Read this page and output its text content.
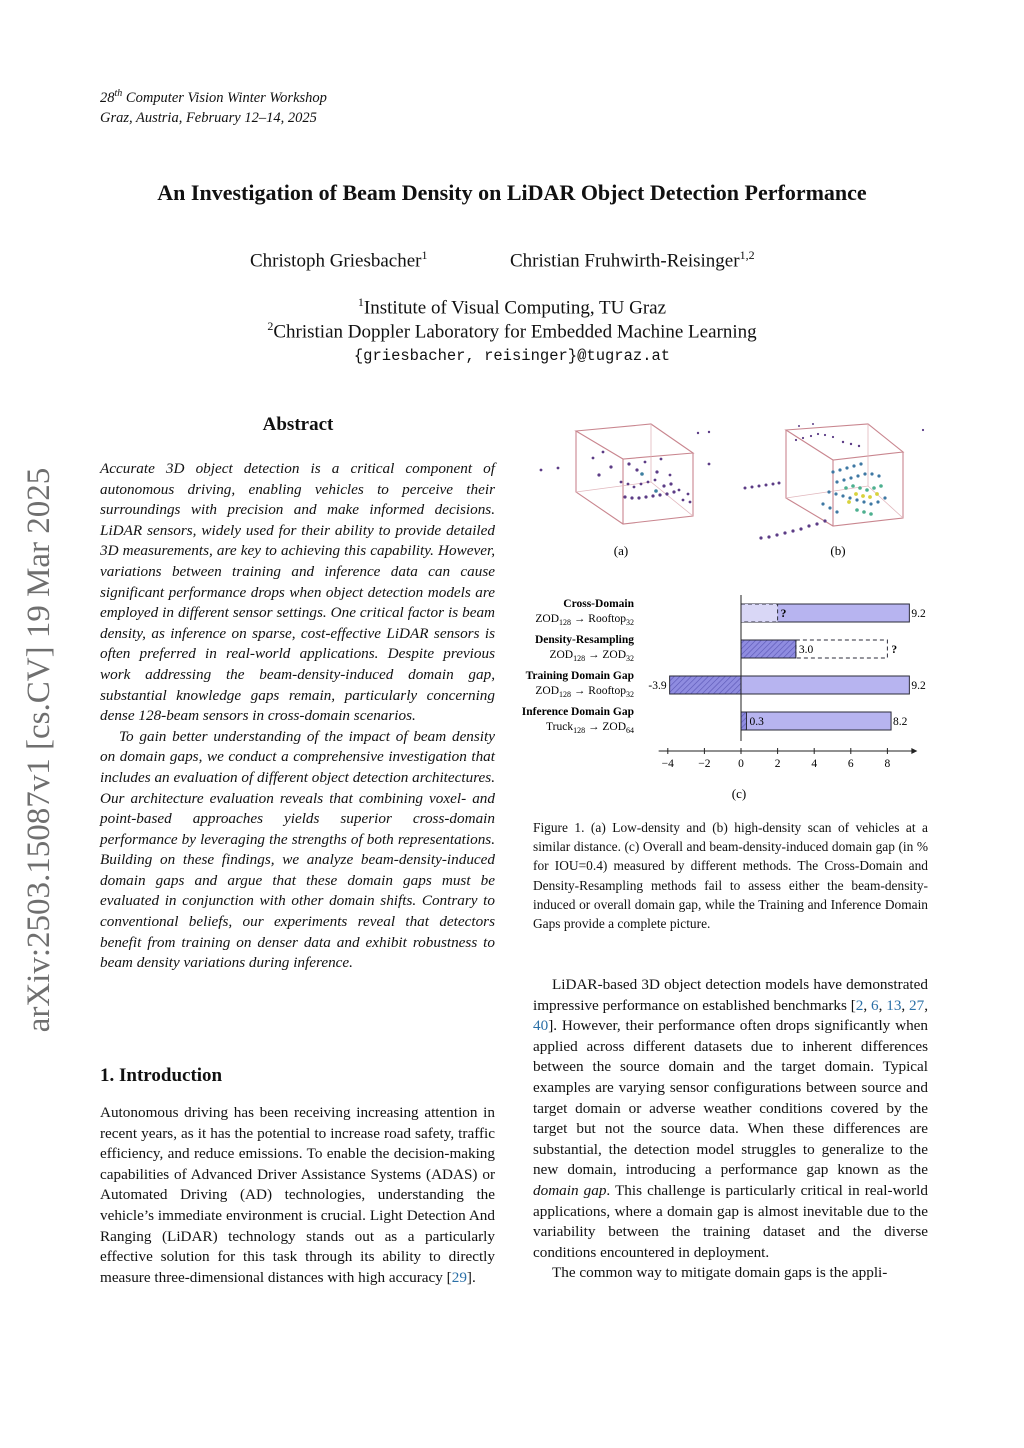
28th Computer Vision Winter Workshop
Graz, Austria, February 12–14, 2025
An Investigation of Beam Density on LiDAR Object Detection Performance
Christoph Griesbacher$^1$	Christian Fruhwirth-Reisinger$^{1,2}$
$^1$Institute of Visual Computing, TU Graz
$^2$Christian Doppler Laboratory for Embedded Machine Learning
{griesbacher, reisinger}@tugraz.at
arXiv:2503.15087v1 [cs.CV] 19 Mar 2025
Abstract

Accurate 3D object detection is a critical component of autonomous driving, enabling vehicles to perceive their surroundings with precision and make informed decisions. LiDAR sensors, widely used for their ability to provide detailed 3D measurements, are key to achieving this capability. However, variations between training and inference data can cause significant performance drops when object detection models are employed in different sensor settings. One critical factor is beam density, as inference on sparse, cost-effective LiDAR sensors is often preferred in real-world applications. Despite previous work addressing the beam-density-induced domain gap, substantial knowledge gaps remain, particularly concerning dense 128-beam sensors in cross-domain scenarios.

To gain better understanding of the impact of beam density on domain gaps, we conduct a comprehensive investigation that includes an evaluation of different object detection architectures. Our architecture evaluation reveals that combining voxel- and point-based approaches yields superior cross-domain performance by leveraging the strengths of both representations. Building on these findings, we analyze beam-density-induced domain gaps and argue that these domain gaps must be evaluated in conjunction with other domain shifts. Contrary to conventional beliefs, our experiments reveal that detectors benefit from training on denser data and exhibit robustness to beam density variations during inference.

1. Introduction

Autonomous driving has been receiving increasing attention in recent years, as it has the potential to increase road safety, traffic efficiency, and reduce emissions. To enable the decision-making capabilities of Advanced Driver Assistance Systems (ADAS) or Automated Driving (AD) technologies, understanding the vehicle’s immediate environment is crucial. Light Detection And Ranging (LiDAR) technology stands out as a particularly effective solution for this task through its ability to directly measure three-dimensional distances with high accuracy [29].

(a)	(b)
Cross-Domain
$ZOD_{128}$ → Rooftop$_{32}$
Density-Resampling
$ZOD_{128} \to ZOD_{32}$
Training Domain Gap
$ZOD_{128}$ → Rooftop$_{32}$
Inference Domain Gap
Truck$_{128}$ → $ZOD_{64}$
9.2
9.2
8.2
3.0
-3.9
0.3
?
?
−4 −2 0	2	4	6	8
(c)

Figure 1. (a) Low-density and (b) high-density scan of vehicles at a similar distance. (c) Overall and beam-density-induced domain gap (in % for IOU=0.4) measured by different methods. The Cross-Domain and Density-Resampling methods fail to assess either the beam-density-induced or overall domain gap, while the Training and Inference Domain Gaps provide a complete picture.

LiDAR-based 3D object detection models have demonstrated impressive performance on established benchmarks [2, 6, 13, 27, 40]. However, their performance often drops significantly when applied across different datasets due to inherent differences between the source domain and the target domain. Typical examples are varying sensor configurations between source and target domain or adverse weather conditions covered by the target but not the source data. When these differences are substantial, the detection model struggles to generalize to the new domain, introducing a performance gap known as the domain gap. This challenge is particularly critical in real-world applications, where a domain gap is almost inevitable due to the variability between the training dataset and the diverse conditions encountered in deployment.

The common way to mitigate domain gaps is the appli-
